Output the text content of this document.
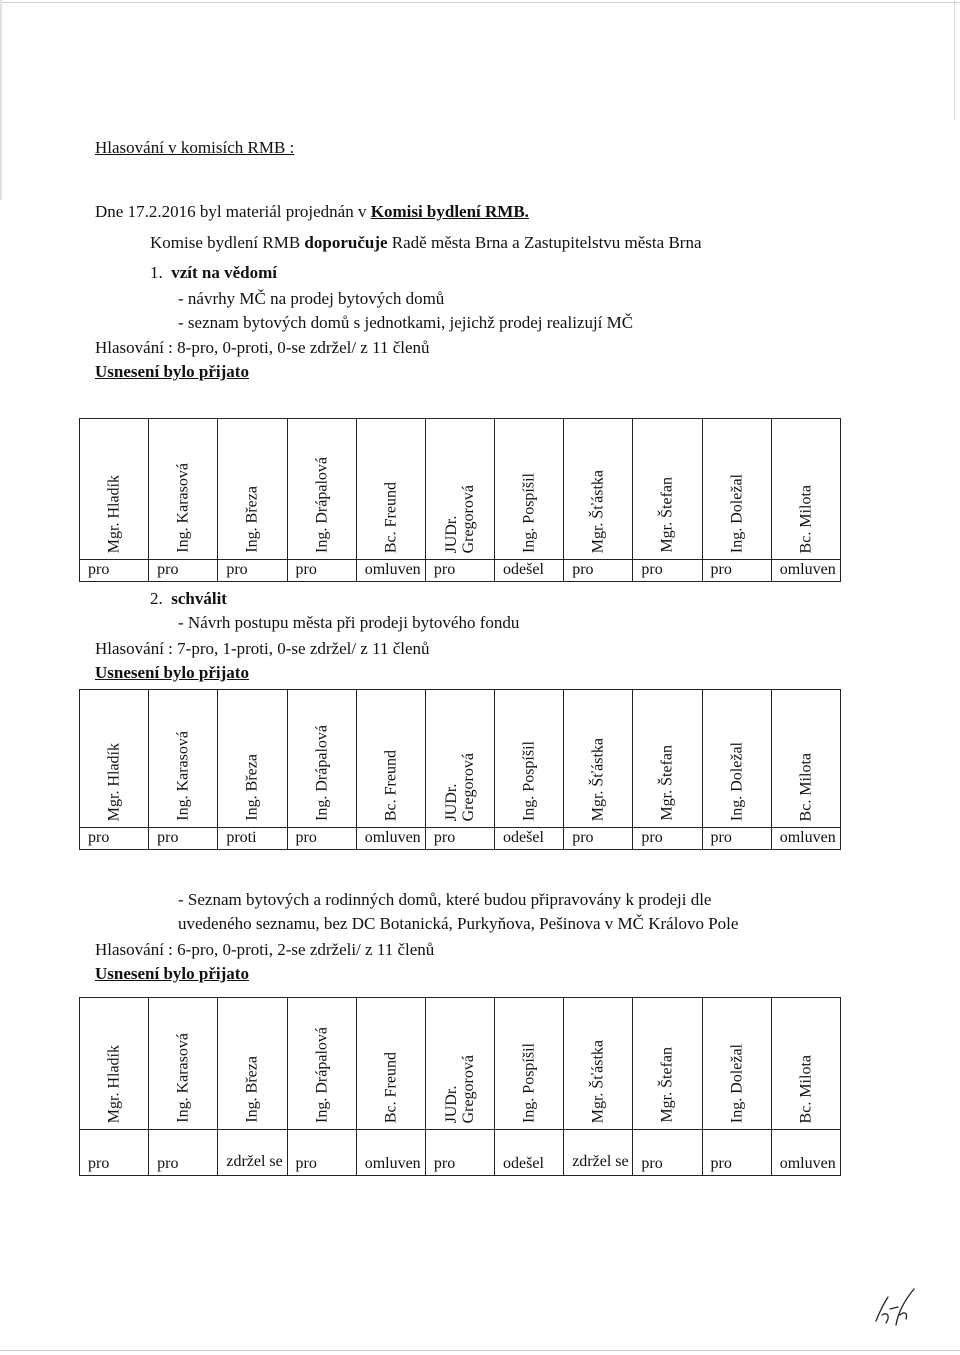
Hlasování v komisích RMB :
Dne 17.2.2016 byl materiál projednán v Komisi bydlení RMB.
Komise bydlení RMB doporučuje Radě města Brna a Zastupitelstvu města Brna
1. vzít na vědomí
- návrhy MČ na prodej bytových domů
- seznam bytových domů s jednotkami, jejichž prodej realizují MČ
Hlasování : 8-pro, 0-proti, 0-se zdržel/ z 11 členů
Usnesení bylo přijato
Mgr. Hladík	Ing. Karasová	Ing. Březa	Ing. Drápalová	Bc. Freund	JUDr. Gregorová	Ing. Pospíšil	Mgr. Šťástka	Mgr. Štefan	Ing. Doležal	Bc. Milota

pro	pro	pro	pro	omluven	pro	odešel	pro	pro	pro	omluven
2. schválit
- Návrh postupu města při prodeji bytového fondu
Hlasování : 7-pro, 1-proti, 0-se zdržel/ z 11 členů
Usnesení bylo přijato
Mgr. Hladík	Ing. Karasová	Ing. Březa	Ing. Drápalová	Bc. Freund	JUDr. Gregorová	Ing. Pospíšil	Mgr. Šťástka	Mgr. Štefan	Ing. Doležal	Bc. Milota

pro	pro	proti	pro	omluven	pro	odešel	pro	pro	pro	omluven
- Seznam bytových a rodinných domů, které budou připravovány k prodeji dle
uvedeného seznamu, bez DC Botanická, Purkyňova, Pešinova v MČ Královo Pole
Hlasování : 6-pro, 0-proti, 2-se zdrželi/ z 11 členů
Usnesení bylo přijato
Mgr. Hladík	Ing. Karasová	Ing. Březa	Ing. Drápalová	Bc. Freund	JUDr. Gregorová	Ing. Pospíšil	Mgr. Šťástka	Mgr. Štefan	Ing. Doležal	Bc. Milota

pro	pro	zdržel se	pro	omluven	pro	odešel	zdržel se	pro	pro	omluven
